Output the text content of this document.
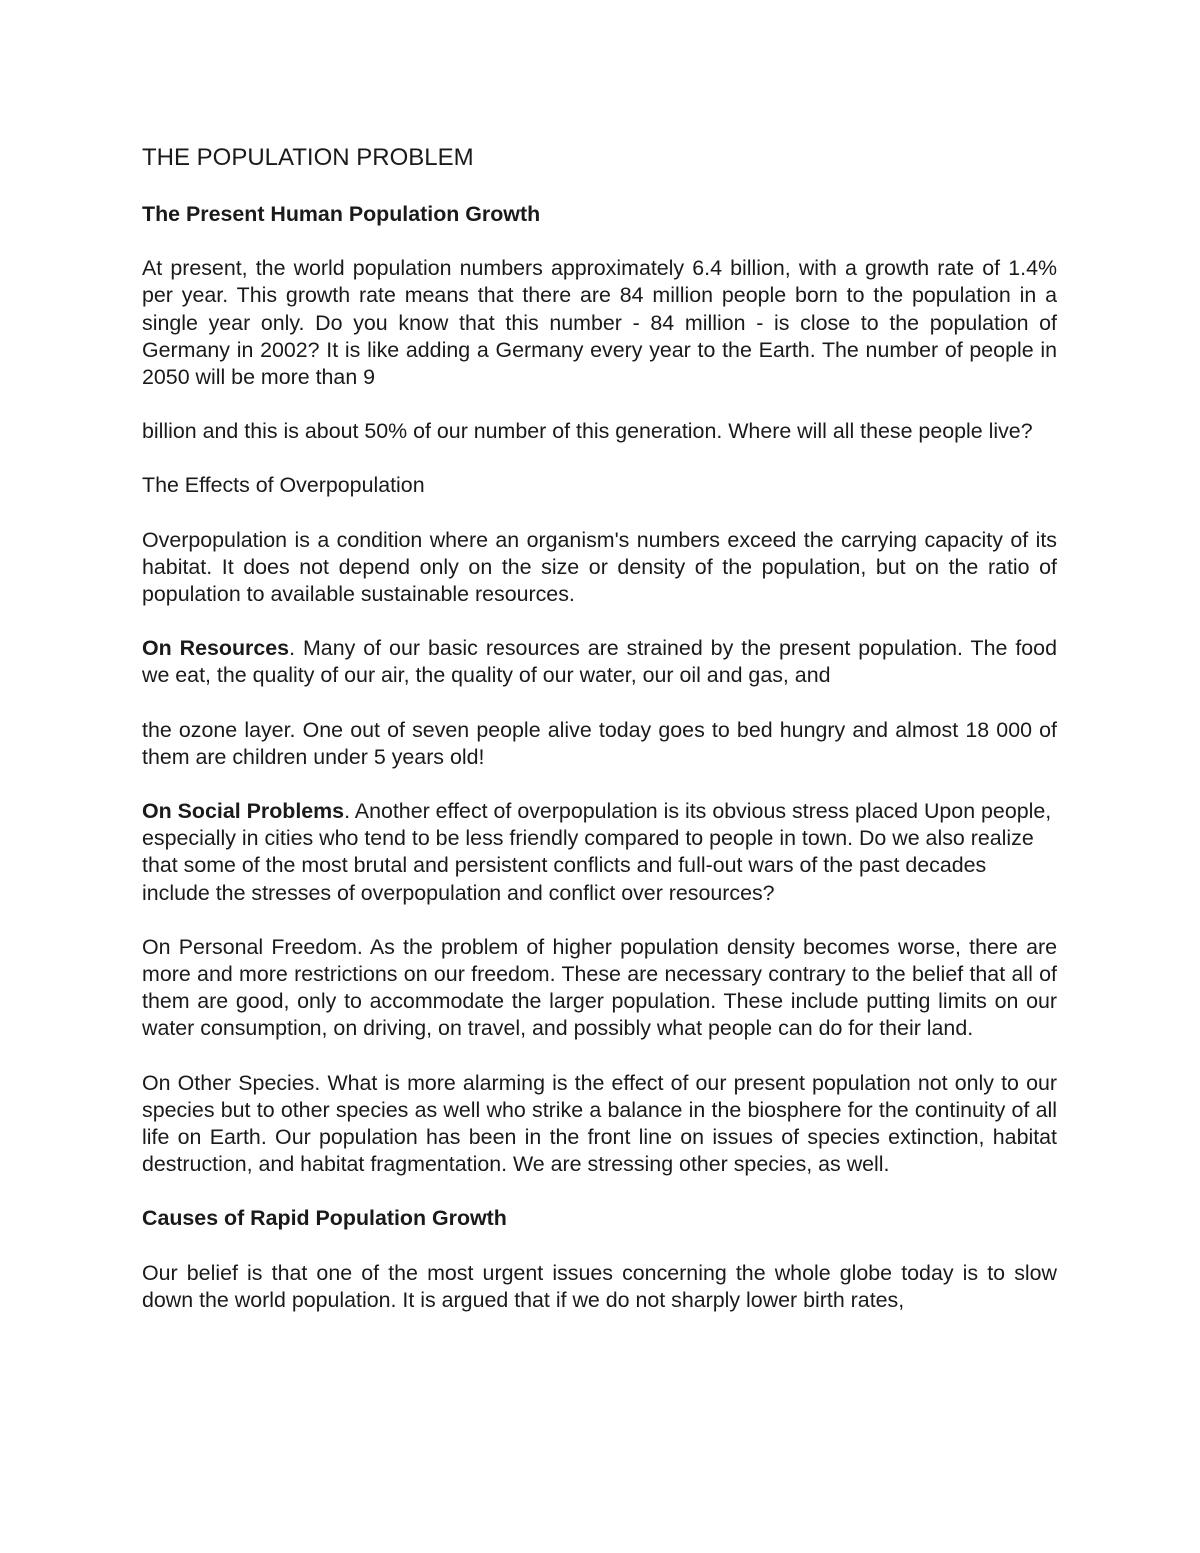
THE POPULATION PROBLEM
The Present Human Population Growth

At present, the world population numbers approximately 6.4 billion, with a growth rate of 1.4% per year. This growth rate means that there are 84 million people born to the population in a single year only. Do you know that this number - 84 million - is close to the population of Germany in 2002? It is like adding a Germany every year to the Earth. The number of people in 2050 will be more than 9

billion and this is about 50% of our number of this generation. Where will all these people live?

The Effects of Overpopulation

Overpopulation is a condition where an organism's numbers exceed the carrying capacity of its habitat. It does not depend only on the size or density of the population, but on the ratio of population to available sustainable resources.

On Resources. Many of our basic resources are strained by the present population. The food we eat, the quality of our air, the quality of our water, our oil and gas, and

the ozone layer. One out of seven people alive today goes to bed hungry and almost 18 000 of them are children under 5 years old!

On Social Problems. Another effect of overpopulation is its obvious stress placed Upon people, especially in cities who tend to be less friendly compared to people in town. Do we also realize that some of the most brutal and persistent conflicts and full-out wars of the past decades include the stresses of overpopulation and conflict over resources?

On Personal Freedom. As the problem of higher population density becomes worse, there are more and more restrictions on our freedom. These are necessary contrary to the belief that all of them are good, only to accommodate the larger population. These include putting limits on our water consumption, on driving, on travel, and possibly what people can do for their land.

On Other Species. What is more alarming is the effect of our present population not only to our species but to other species as well who strike a balance in the biosphere for the continuity of all life on Earth. Our population has been in the front line on issues of species extinction, habitat destruction, and habitat fragmentation. We are stressing other species, as well.

Causes of Rapid Population Growth

Our belief is that one of the most urgent issues concerning the whole globe today is to slow down the world population. It is argued that if we do not sharply lower birth rates,
